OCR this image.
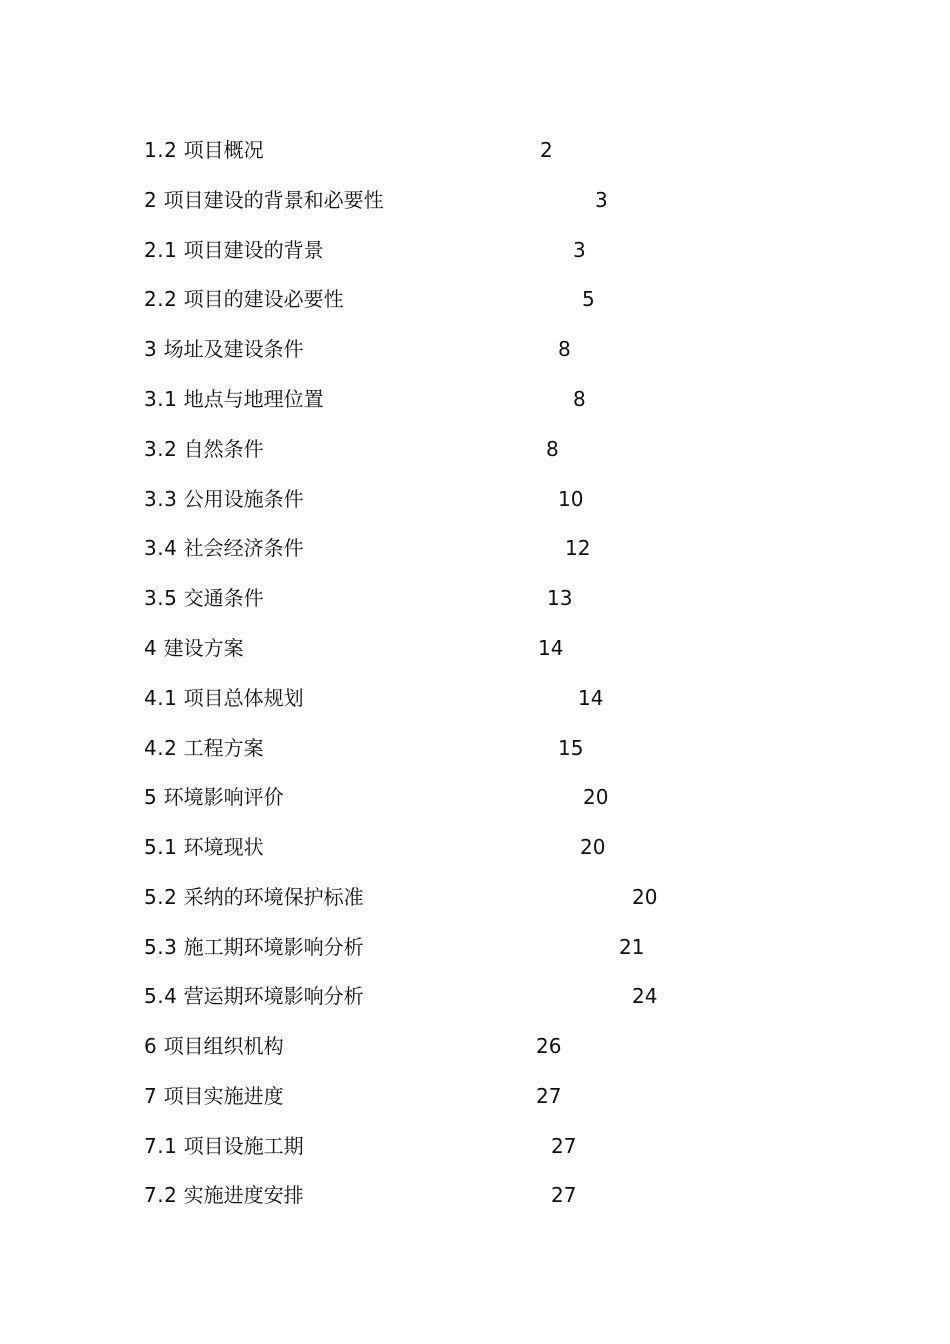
1.2 项目概况	2
2 项目建设的背景和必要性	3
2.1 项目建设的背景	3
2.2 项目的建设必要性	5
3 场址及建设条件	8
3.1 地点与地理位置	8
3.2 自然条件	8
3.3 公用设施条件	10
3.4 社会经济条件	12
3.5 交通条件	13
4 建设方案	14
4.1 项目总体规划	14
4.2 工程方案	15
5 环境影响评价	20
5.1 环境现状	20
5.2 采纳的环境保护标准	20
5.3 施工期环境影响分析	21
5.4 营运期环境影响分析	24
6 项目组织机构	26
7 项目实施进度	27
7.1 项目设施工期	27
7.2 实施进度安排	27
